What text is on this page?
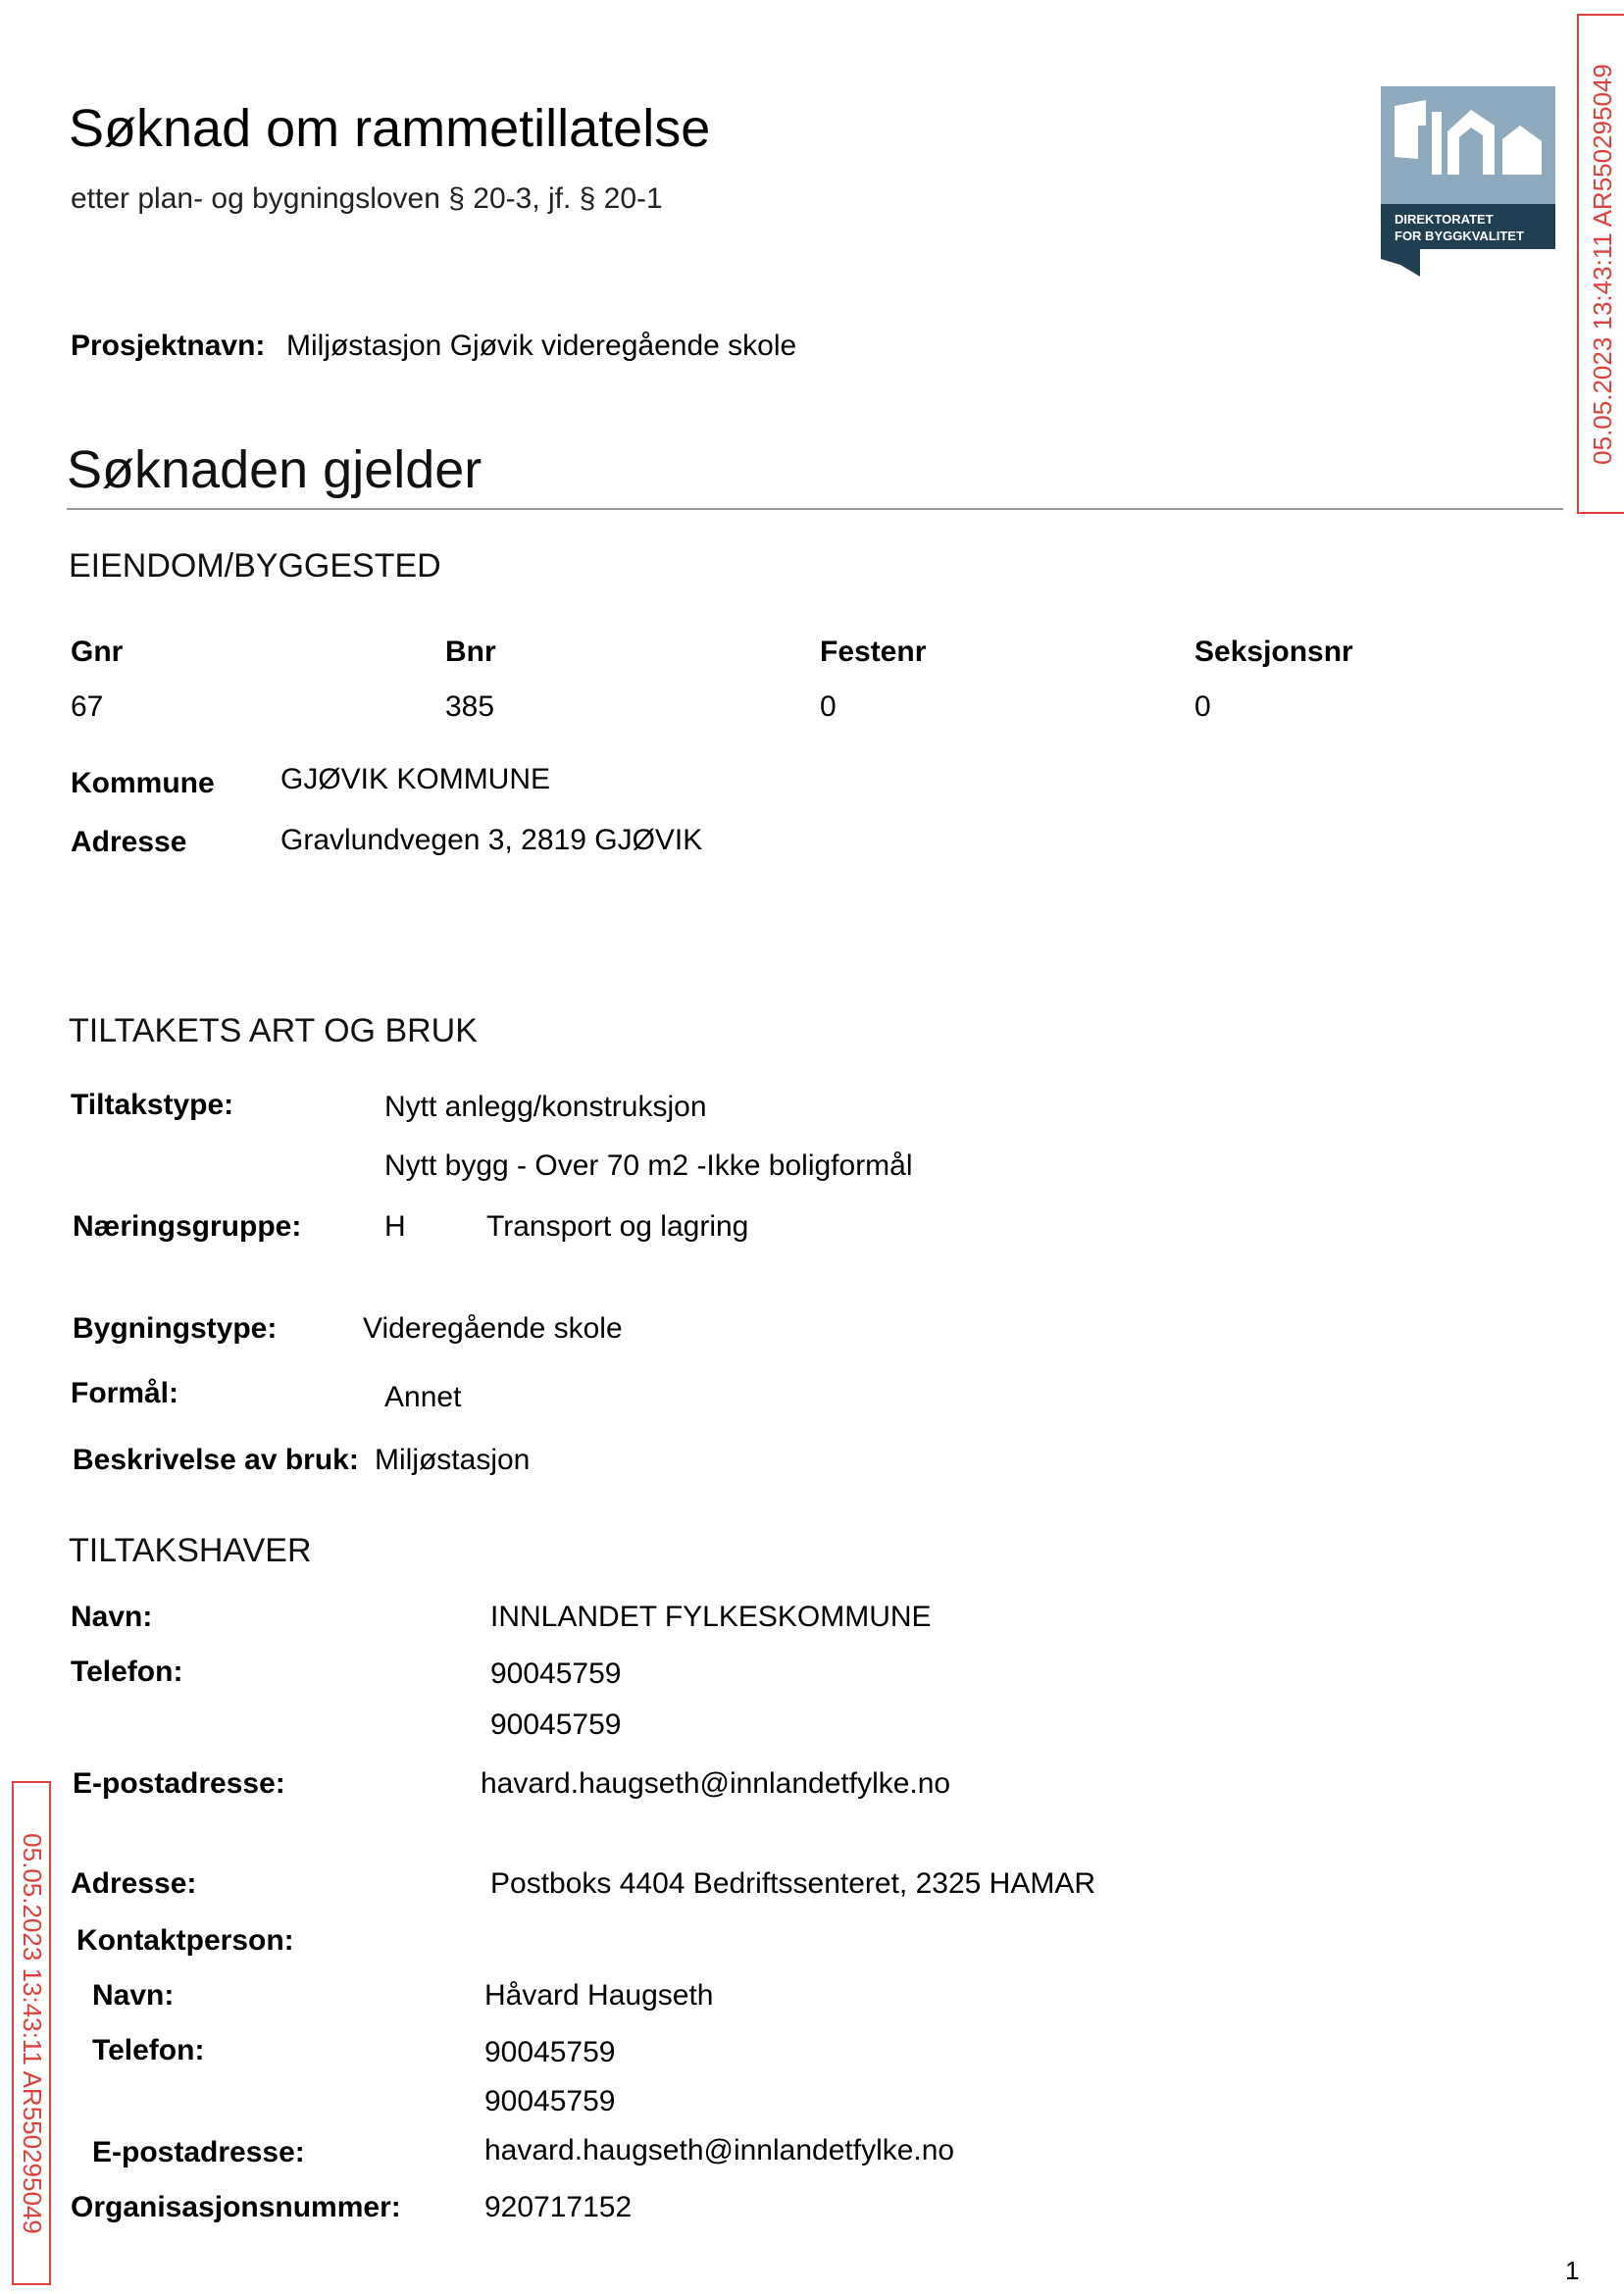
Søknad om rammetillatelse
etter plan- og bygningsloven § 20-3, jf. § 20-1
DIREKTORATET
FOR BYGGKVALITET 05.05.2023 13:43:11 AR550295049
05.05.2023 13:43:11 AR550295049
Prosjektnavn: Miljøstasjon Gjøvik videregående skole
Søknaden gjelder
EIENDOM/BYGGESTED
Gnr	Bnr	Festenr	Seksjonsnr
67	385	0	0
Kommune GJØVIK KOMMUNE
Adresse	Gravlundvegen 3, 2819 GJØVIK
TILTAKETS ART OG BRUK
Tiltakstype:	Nytt anlegg/konstruksjon
Nytt bygg - Over 70 m2 -Ikke boligformål
Næringsgruppe:	H	Transport og lagring
Bygningstype:	Videregående skole
Formål:	Annet
Beskrivelse av bruk: Miljøstasjon
TILTAKSHAVER
Navn:	INNLANDET FYLKESKOMMUNE
Telefon:	90045759
90045759
E-postadresse:	havard.haugseth@innlandetfylke.no
Adresse:	Postboks 4404 Bedriftssenteret, 2325 HAMAR
Kontaktperson:
Navn:	Håvard Haugseth
Telefon:	90045759
90045759
E-postadresse:	havard.haugseth@innlandetfylke.no
Organisasjonsnummer:	920717152
1
